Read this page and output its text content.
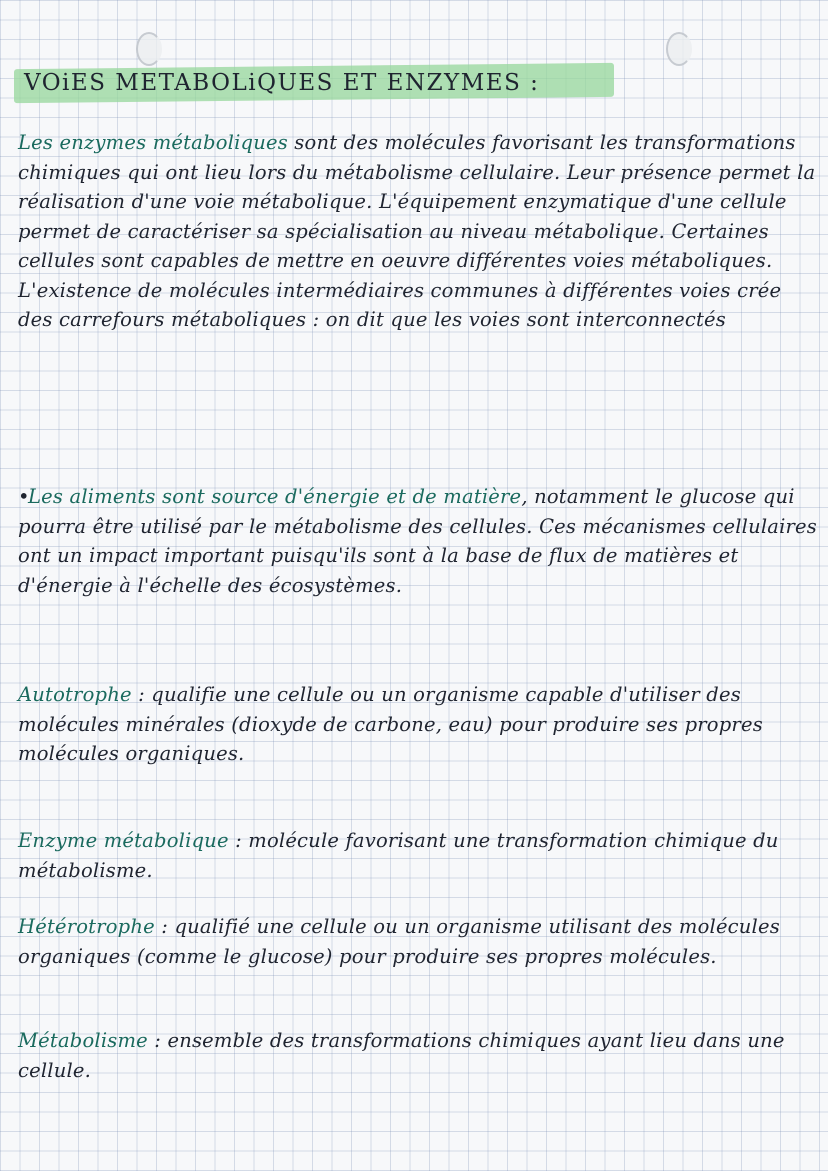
VOiES METABOLiQUES ET ENZYMES :

Les enzymes métaboliques sont des molécules favorisant les transformations chimiques qui ont lieu lors du métabolisme cellulaire. Leur présence permet la réalisation d'une voie métabolique. L'équipement enzymatique d'une cellule permet de caractériser sa spécialisation au niveau métabolique. Certaines cellules sont capables de mettre en oeuvre différentes voies métaboliques. L'existence de molécules intermédiaires communes à différentes voies crée des carrefours métaboliques : on dit que les voies sont interconnectés

•Les aliments sont source d'énergie et de matière, notamment le glucose qui pourra être utilisé par le métabolisme des cellules. Ces mécanismes cellulaires ont un impact important puisqu'ils sont à la base de flux de matières et d'énergie à l'échelle des écosystèmes.

Autotrophe : qualifie une cellule ou un organisme capable d'utiliser des molécules minérales (dioxyde de carbone, eau) pour produire ses propres molécules organiques.

Enzyme métabolique : molécule favorisant une transformation chimique du métabolisme.

Hétérotrophe : qualifié une cellule ou un organisme utilisant des molécules organiques (comme le glucose) pour produire ses propres molécules.

Métabolisme : ensemble des transformations chimiques ayant lieu dans une cellule.
